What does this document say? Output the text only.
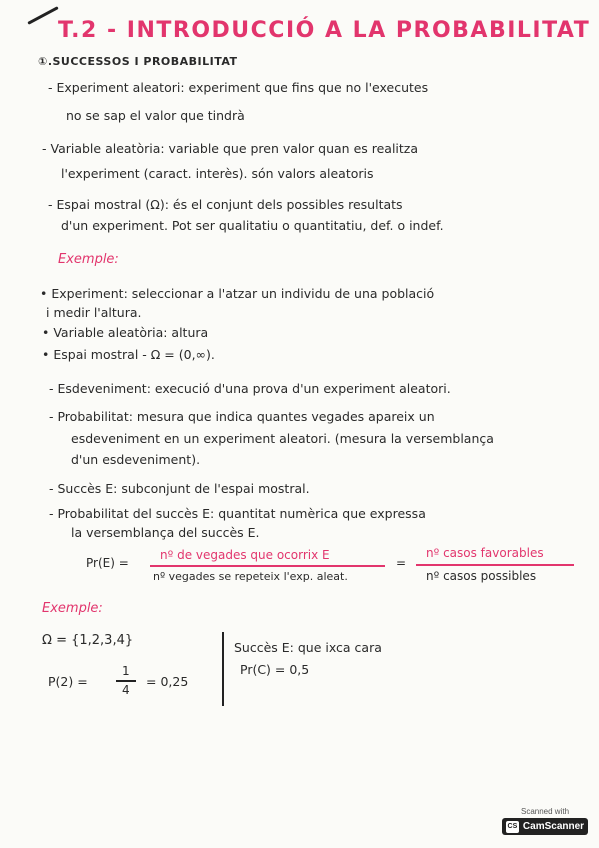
T.2 - INTRODUCCIÓ A LA PROBABILITAT
①.SUCCESSOS I PROBABILITAT
- Experiment aleatori: experiment que fins que no l'executes
no se sap el valor que tindrà
- Variable aleatòria: variable que pren valor quan es realitza
l'experiment (caract. interès). són valors aleatoris
- Espai mostral (Ω): és el conjunt dels possibles resultats
d'un experiment. Pot ser qualitatiu o quantitatiu, def. o indef.
Exemple:
• Experiment: seleccionar a l'atzar un individu de una població
i medir l'altura.
• Variable aleatòria: altura
• Espai mostral - Ω = (0,∞).
- Esdeveniment: execució d'una prova d'un experiment aleatori.
- Probabilitat: mesura que indica quantes vegades apareix un
esdeveniment en un experiment aleatori. (mesura la versemblança
d'un esdeveniment).
- Succès E: subconjunt de l'espai mostral.
- Probabilitat del succès E: quantitat numèrica que expressa
la versemblança del succès E.
Pr(E) =
nº de vegades que ocorrix E
nº vegades se repeteix l'exp. aleat.
=
nº casos favorables
nº casos possibles
Exemple:
Ω = {1,2,3,4}
P(2) =
1
4
= 0,25
Succès E: que ixca cara
Pr(C) = 0,5
Scanned with
CS CamScanner
